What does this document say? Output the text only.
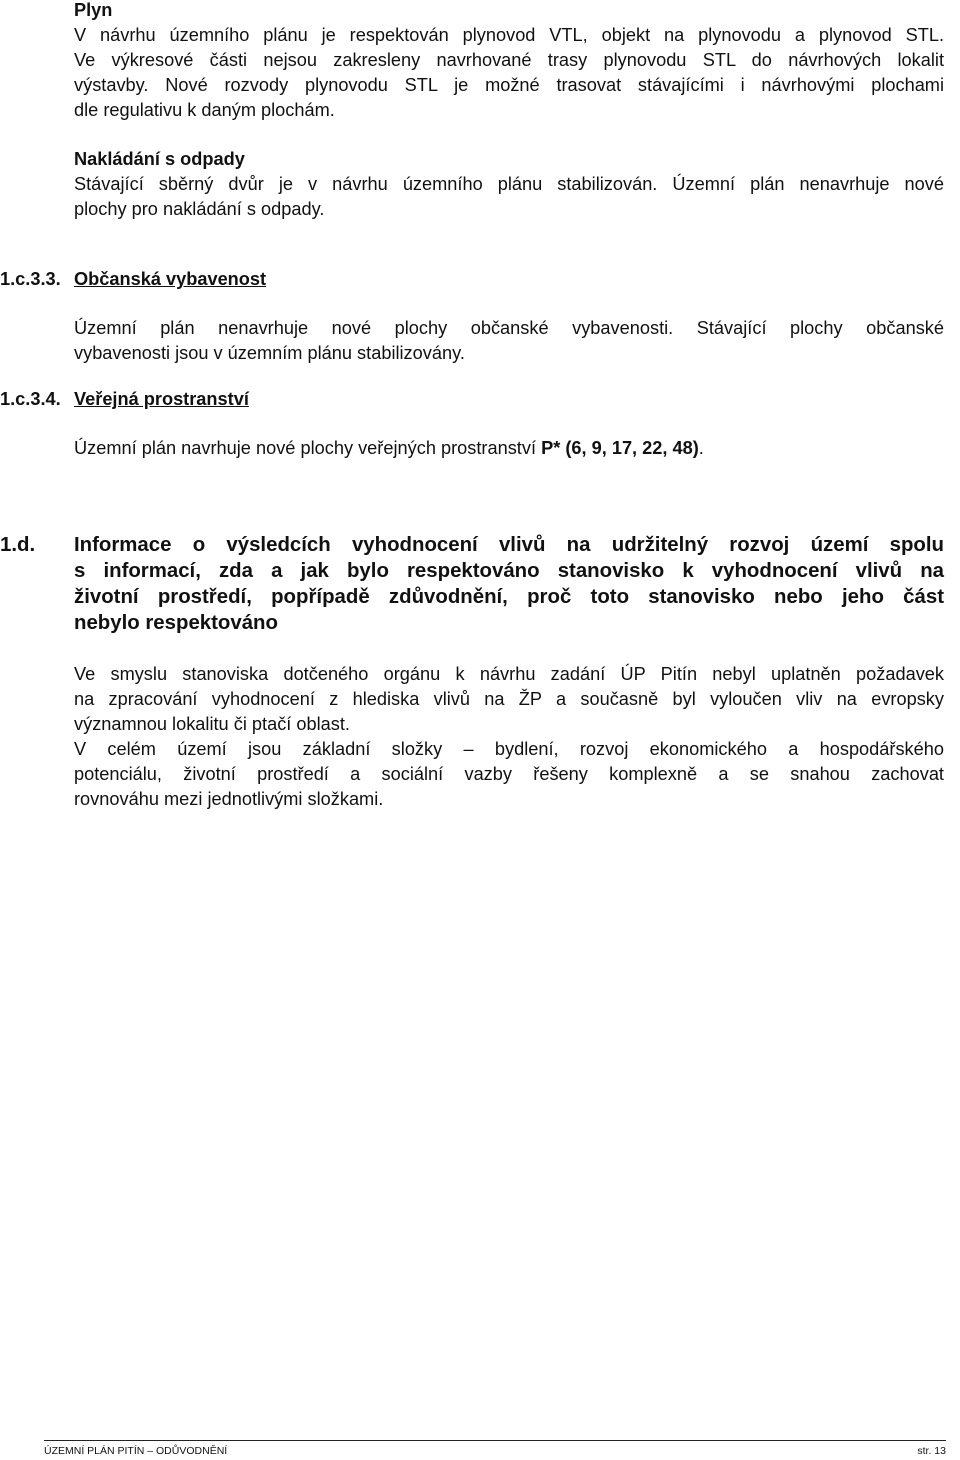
Plyn

V návrhu územního plánu je respektován plynovod VTL, objekt na plynovodu a plynovod STL.

Ve výkresové části nejsou zakresleny navrhované trasy plynovodu STL do návrhových lokalit

výstavby. Nové rozvody plynovodu STL je možné trasovat stávajícími i návrhovými plochami

dle regulativu k daným plochám.

Nakládání s odpady

Stávající sběrný dvůr je v návrhu územního plánu stabilizován. Územní plán nenavrhuje nové

plochy pro nakládání s odpady.

1.c.3.3. Občanská vybavenost

Územní plán nenavrhuje nové plochy občanské vybavenosti. Stávající plochy občanské

vybavenosti jsou v územním plánu stabilizovány.

1.c.3.4. Veřejná prostranství

Územní plán navrhuje nové plochy veřejných prostranství P* (6, 9, 17, 22, 48).

1.d.	Informace o výsledcích vyhodnocení vlivů na udržitelný rozvoj území spolu

s informací, zda a jak bylo respektováno stanovisko k vyhodnocení vlivů na

životní prostředí, popřípadě zdůvodnění, proč toto stanovisko nebo jeho část

nebylo respektováno

Ve smyslu stanoviska dotčeného orgánu k návrhu zadání ÚP Pitín nebyl uplatněn požadavek

na zpracování vyhodnocení z hlediska vlivů na ŽP a současně byl vyloučen vliv na evropsky

významnou lokalitu či ptačí oblast.

V celém území jsou základní složky – bydlení, rozvoj ekonomického a hospodářského

potenciálu, životní prostředí a sociální vazby řešeny komplexně a se snahou zachovat

rovnováhu mezi jednotlivými složkami.

ÚZEMNÍ PLÁN PITÍN – ODŮVODNĚNÍ	str. 13
